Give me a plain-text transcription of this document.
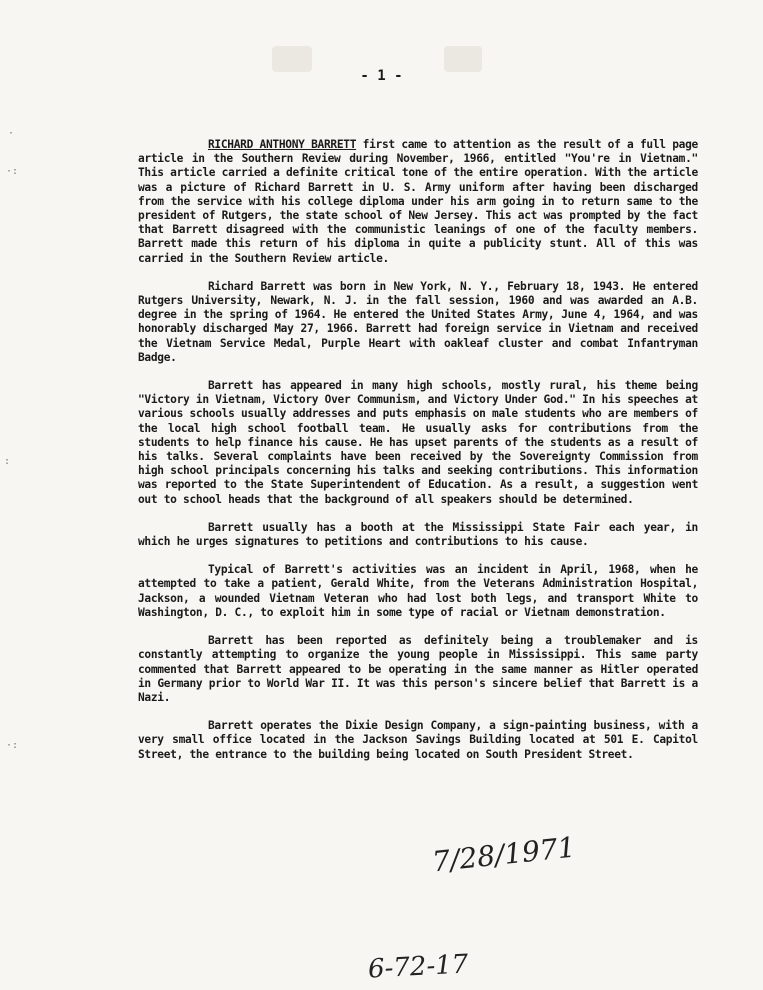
·
·:
:
·:
- 1 -

RICHARD ANTHONY BARRETT first came to attention as the result of a full page article in the Southern Review during November, 1966, entitled "You're in Vietnam." This article carried a definite critical tone of the entire operation. With the article was a picture of Richard Barrett in U. S. Army uniform after having been discharged from the service with his college diploma under his arm going in to return same to the president of Rutgers, the state school of New Jersey. This act was prompted by the fact that Barrett disagreed with the communistic leanings of one of the faculty members. Barrett made this return of his diploma in quite a publicity stunt. All of this was carried in the Southern Review article.

Richard Barrett was born in New York, N. Y., February 18, 1943. He entered Rutgers University, Newark, N. J. in the fall session, 1960 and was awarded an A.B. degree in the spring of 1964. He entered the United States Army, June 4, 1964, and was honorably discharged May 27, 1966. Barrett had foreign service in Vietnam and received the Vietnam Service Medal, Purple Heart with oakleaf cluster and combat Infantryman Badge.

Barrett has appeared in many high schools, mostly rural, his theme being "Victory in Vietnam, Victory Over Communism, and Victory Under God." In his speeches at various schools usually addresses and puts emphasis on male students who are members of the local high school football team. He usually asks for contributions from the students to help finance his cause. He has upset parents of the students as a result of his talks. Several complaints have been received by the Sovereignty Commission from high school principals concerning his talks and seeking contributions. This information was reported to the State Superintendent of Education. As a result, a suggestion went out to school heads that the background of all speakers should be determined.

Barrett usually has a booth at the Mississippi State Fair each year, in which he urges signatures to petitions and contributions to his cause.

Typical of Barrett's activities was an incident in April, 1968, when he attempted to take a patient, Gerald White, from the Veterans Administration Hospital, Jackson, a wounded Vietnam Veteran who had lost both legs, and transport White to Washington, D. C., to exploit him in some type of racial or Vietnam demonstration.

Barrett has been reported as definitely being a troublemaker and is constantly attempting to organize the young people in Mississippi. This same party commented that Barrett appeared to be operating in the same manner as Hitler operated in Germany prior to World War II. It was this person's sincere belief that Barrett is a Nazi.

Barrett operates the Dixie Design Company, a sign-painting business, with a very small office located in the Jackson Savings Building located at 501 E. Capitol Street, the entrance to the building being located on South President Street.

7/28/1971
6-72-17
